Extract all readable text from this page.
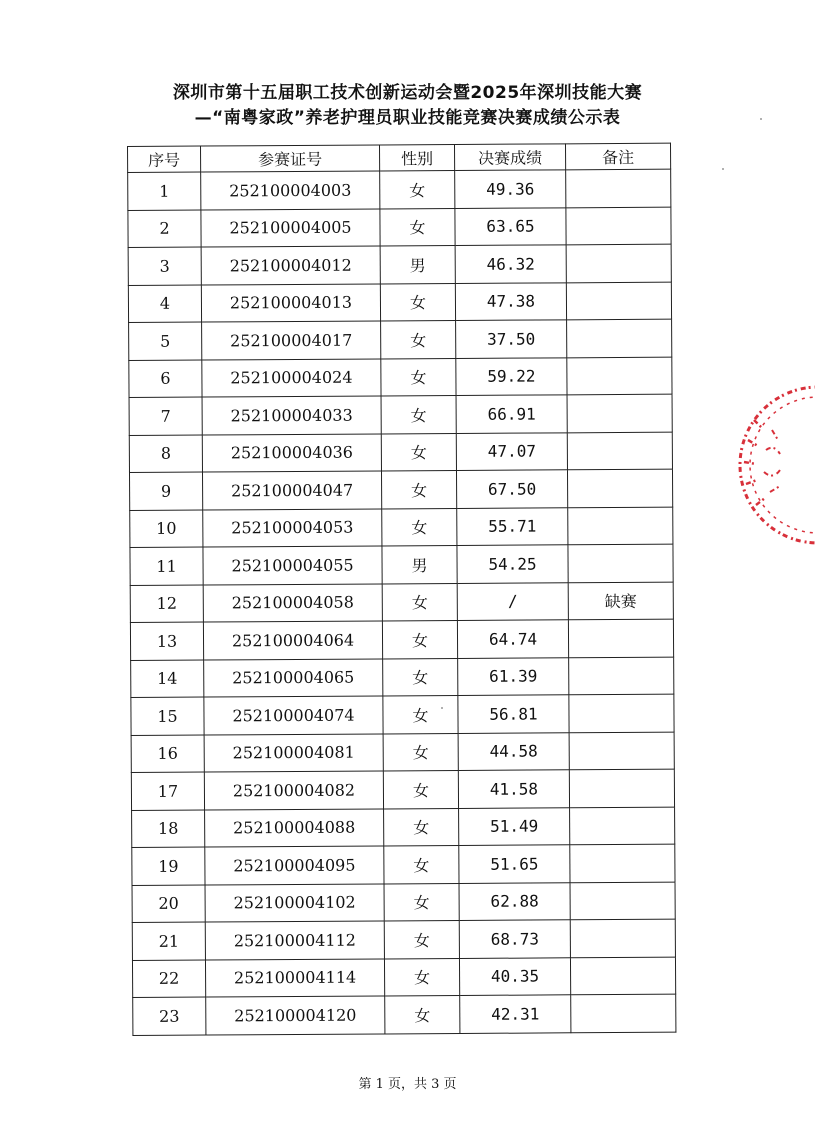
深圳市第十五届职工技术创新运动会暨2025年深圳技能大赛
—“南粤家政”养老护理员职业技能竞赛决赛成绩公示表
序号	参赛证号	性别	决赛成绩	备注
1	252100004003	女	49.36	
2	252100004005	女	63.65	
3	252100004012	男	46.32	
4	252100004013	女	47.38	
5	252100004017	女	37.50	
6	252100004024	女	59.22	
7	252100004033	女	66.91	
8	252100004036	女	47.07	
9	252100004047	女	67.50	
10	252100004053	女	55.71	
11	252100004055	男	54.25	
12	252100004058	女	/	缺赛
13	252100004064	女	64.74	
14	252100004065	女	61.39	
15	252100004074	女	56.81	
16	252100004081	女	44.58	
17	252100004082	女	41.58	
18	252100004088	女	51.49	
19	252100004095	女	51.65	
20	252100004102	女	62.88	
21	252100004112	女	68.73	
22	252100004114	女	40.35	
23	252100004120	女	42.31	
第 1 页，共 3 页
